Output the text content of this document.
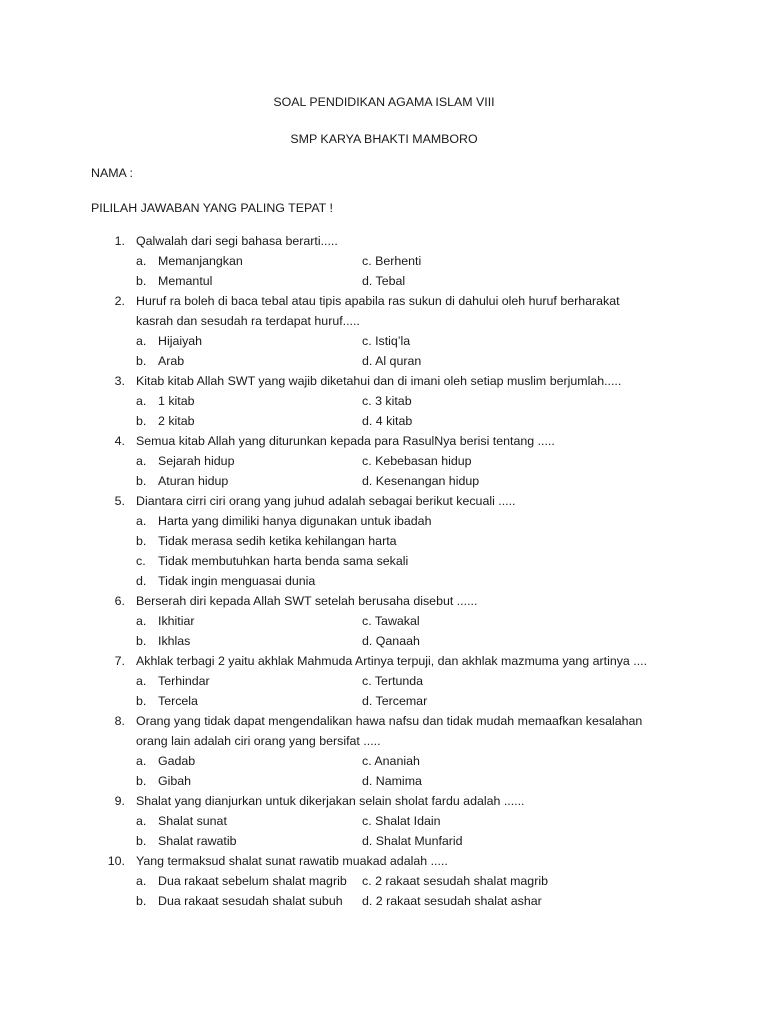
SOAL PENDIDIKAN AGAMA ISLAM VIII
SMP KARYA BHAKTI MAMBORO
NAMA :
PILILAH JAWABAN YANG PALING TEPAT !
1. Qalwalah dari segi bahasa berarti.....
a. Memanjangkan	c. Berhenti
b. Memantul	d. Tebal
2. Huruf ra boleh di baca tebal atau tipis apabila ras sukun di dahului oleh huruf berharakat kasrah dan sesudah ra terdapat huruf.....
a. Hijaiyah	c. Istiq’la
b. Arab	d. Al quran
3. Kitab kitab Allah SWT yang wajib diketahui dan di imani oleh setiap muslim berjumlah.....
a. 1 kitab	c. 3 kitab
b. 2 kitab	d. 4 kitab
4. Semua kitab Allah yang diturunkan kepada para RasulNya berisi tentang .....
a. Sejarah hidup	c. Kebebasan hidup
b. Aturan hidup	d. Kesenangan hidup
5. Diantara cirri ciri orang yang juhud adalah sebagai berikut kecuali .....
a. Harta yang dimiliki hanya digunakan untuk ibadah
b. Tidak merasa sedih ketika kehilangan harta
c. Tidak membutuhkan harta benda sama sekali
d. Tidak ingin menguasai dunia
6. Berserah diri kepada Allah SWT setelah berusaha disebut ......
a. Ikhitiar	c. Tawakal
b. Ikhlas	d. Qanaah
7. Akhlak terbagi 2 yaitu akhlak Mahmuda Artinya terpuji, dan akhlak mazmuma yang artinya ....
a. Terhindar	c. Tertunda
b. Tercela	d. Tercemar
8. Orang yang tidak dapat mengendalikan hawa nafsu dan tidak mudah memaafkan kesalahan orang lain adalah ciri orang yang bersifat .....
a. Gadab	c. Ananiah
b. Gibah	d. Namima
9. Shalat yang dianjurkan untuk dikerjakan selain sholat fardu adalah ......
a. Shalat sunat	c. Shalat Idain
b. Shalat rawatib	d. Shalat Munfarid
10. Yang termaksud shalat sunat rawatib muakad adalah .....
a. Dua rakaat sebelum shalat magrib c. 2 rakaat sesudah shalat magrib
b. Dua rakaat sesudah shalat subuh d. 2 rakaat sesudah shalat ashar
